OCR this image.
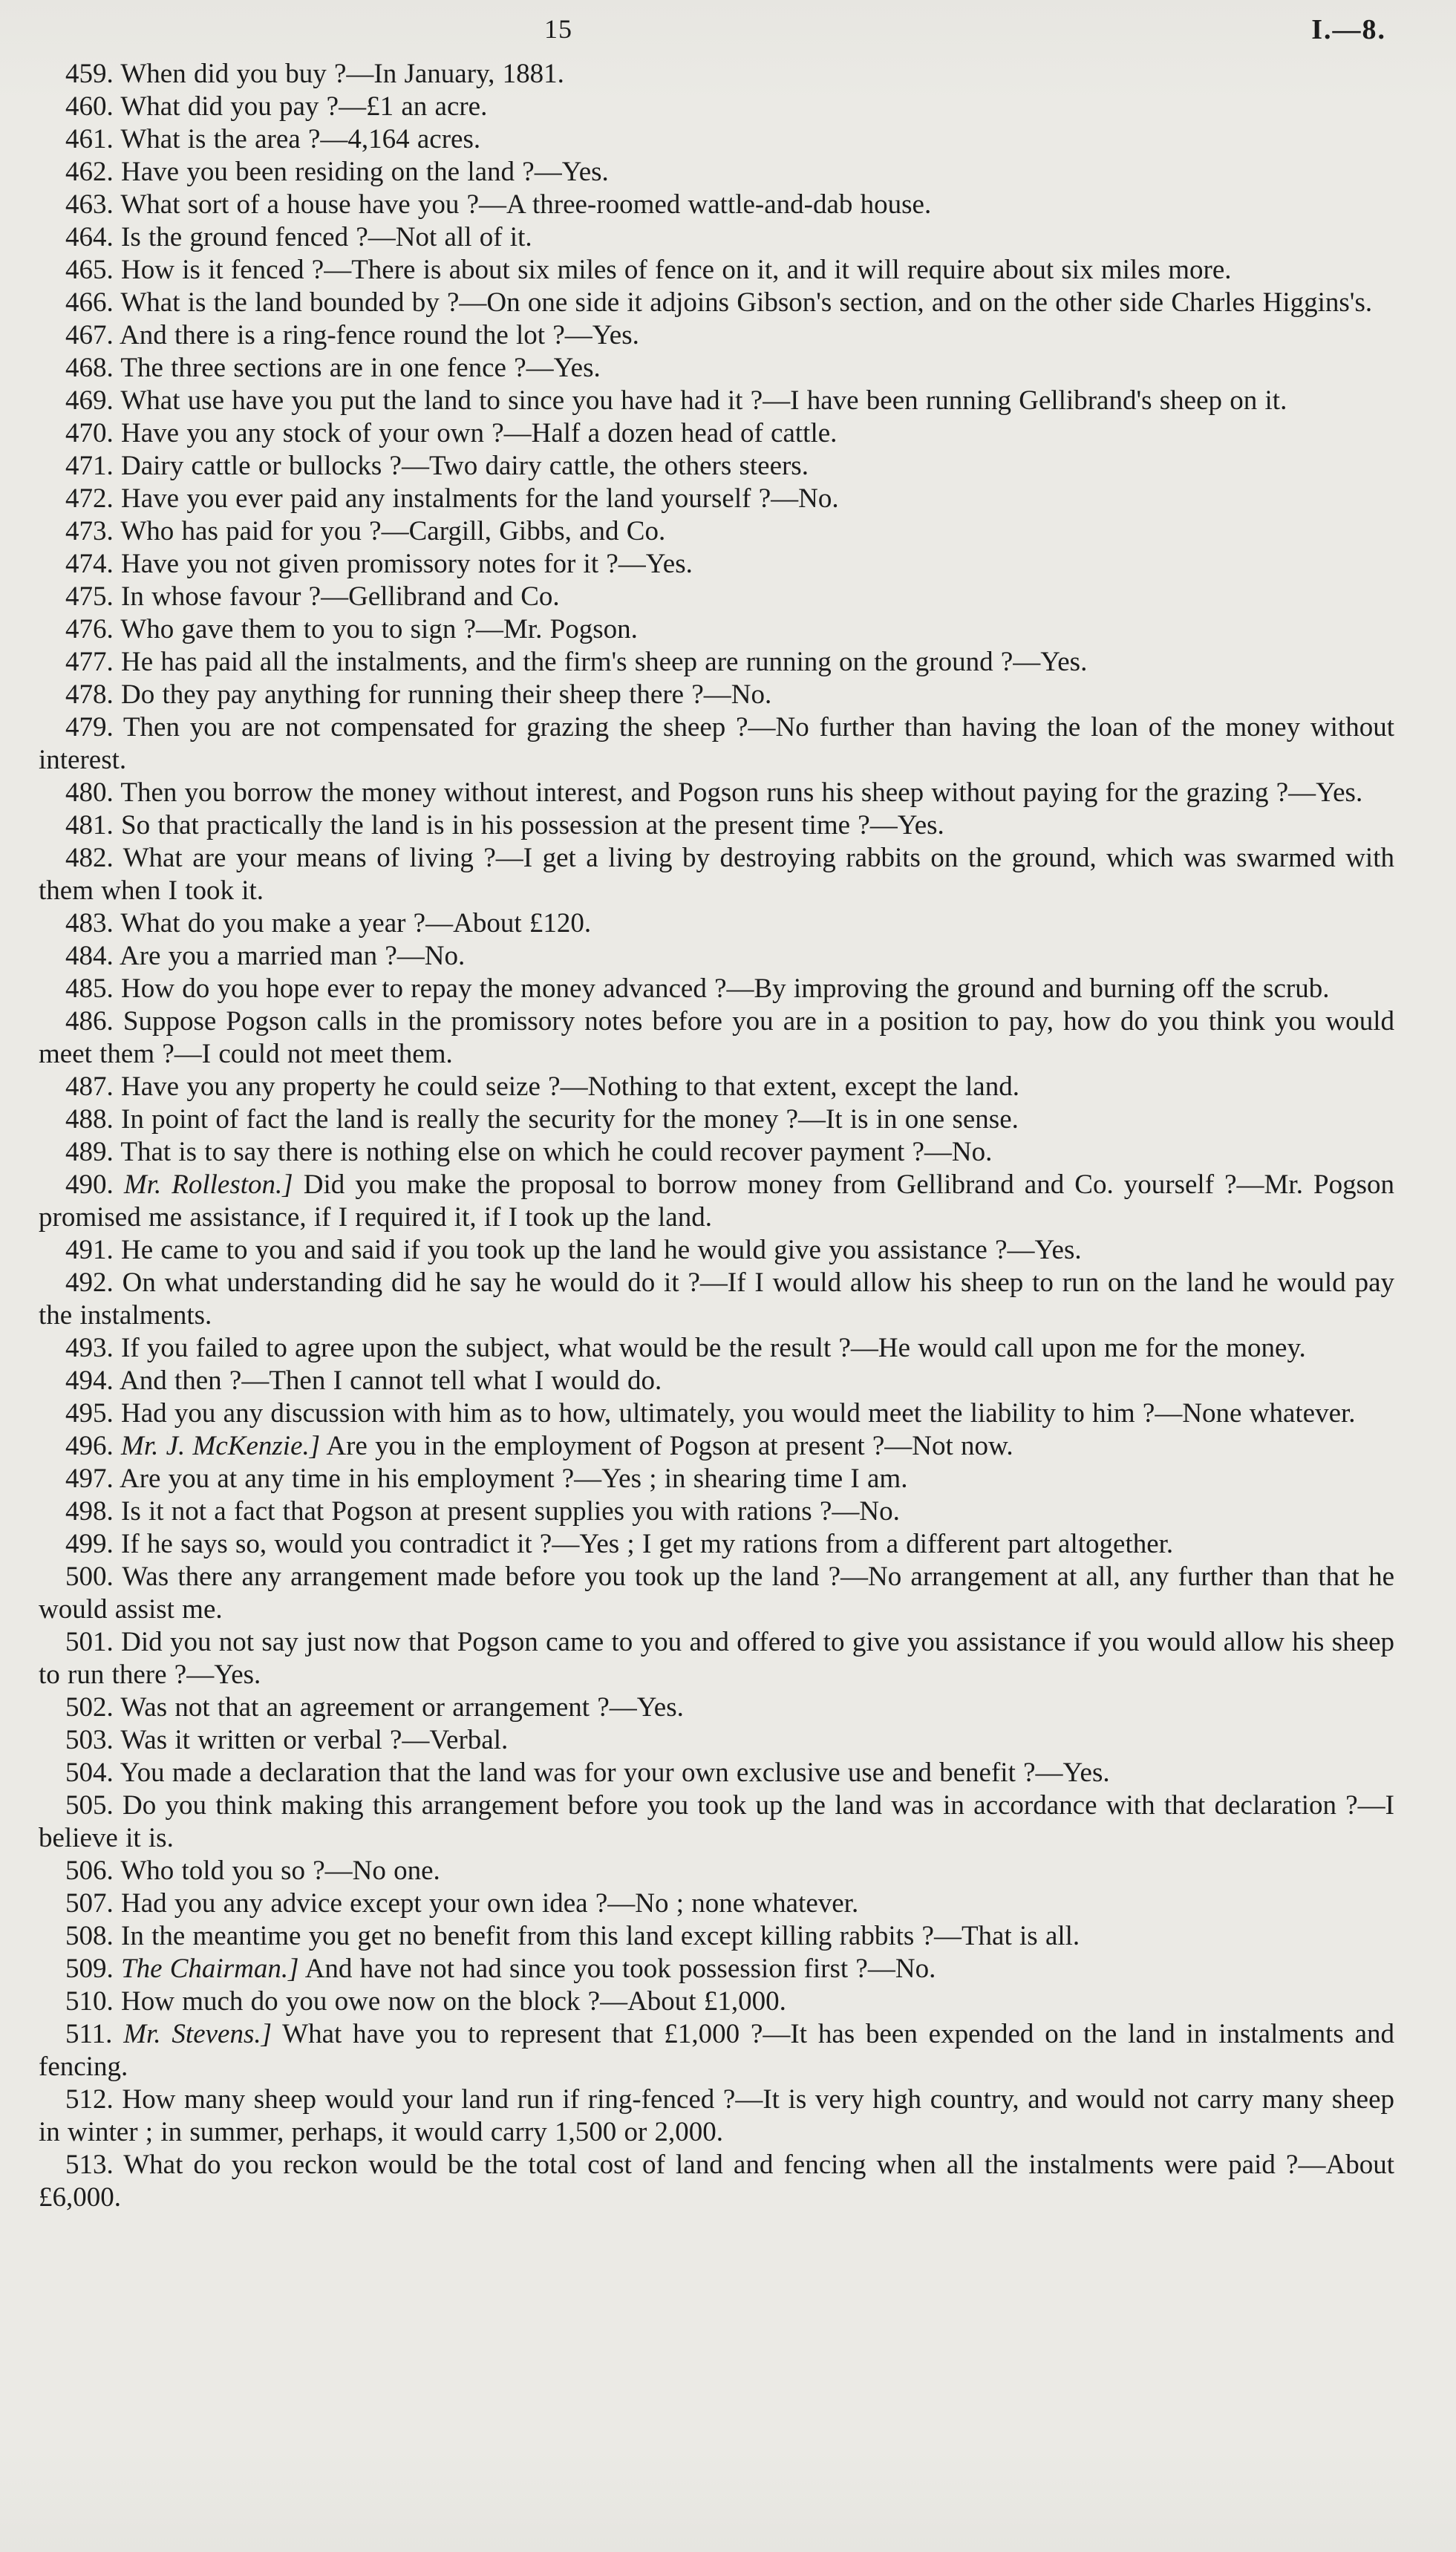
15	I.—8.

459. When did you buy ?—In January, 1881.

460. What did you pay ?—£1 an acre.

461. What is the area ?—4,164 acres.

462. Have you been residing on the land ?—Yes.

463. What sort of a house have you ?—A three-roomed wattle-and-dab house.

464. Is the ground fenced ?—Not all of it.

465. How is it fenced ?—There is about six miles of fence on it, and it will require about six miles more.

466. What is the land bounded by ?—On one side it adjoins Gibson's section, and on the other side Charles Higgins's.

467. And there is a ring-fence round the lot ?—Yes.

468. The three sections are in one fence ?—Yes.

469. What use have you put the land to since you have had it ?—I have been running Gellibrand's sheep on it.

470. Have you any stock of your own ?—Half a dozen head of cattle.

471. Dairy cattle or bullocks ?—Two dairy cattle, the others steers.

472. Have you ever paid any instalments for the land yourself ?—No.

473. Who has paid for you ?—Cargill, Gibbs, and Co.

474. Have you not given promissory notes for it ?—Yes.

475. In whose favour ?—Gellibrand and Co.

476. Who gave them to you to sign ?—Mr. Pogson.

477. He has paid all the instalments, and the firm's sheep are running on the ground ?—Yes.

478. Do they pay anything for running their sheep there ?—No.

479. Then you are not compensated for grazing the sheep ?—No further than having the loan of the money without interest.

480. Then you borrow the money without interest, and Pogson runs his sheep without paying for the grazing ?—Yes.

481. So that practically the land is in his possession at the present time ?—Yes.

482. What are your means of living ?—I get a living by destroying rabbits on the ground, which was swarmed with them when I took it.

483. What do you make a year ?—About £120.

484. Are you a married man ?—No.

485. How do you hope ever to repay the money advanced ?—By improving the ground and burning off the scrub.

486. Suppose Pogson calls in the promissory notes before you are in a position to pay, how do you think you would meet them ?—I could not meet them.

487. Have you any property he could seize ?—Nothing to that extent, except the land.

488. In point of fact the land is really the security for the money ?—It is in one sense.

489. That is to say there is nothing else on which he could recover payment ?—No.

490. Mr. Rolleston.] Did you make the proposal to borrow money from Gellibrand and Co. yourself ?—Mr. Pogson promised me assistance, if I required it, if I took up the land.

491. He came to you and said if you took up the land he would give you assistance ?—Yes.

492. On what understanding did he say he would do it ?—If I would allow his sheep to run on the land he would pay the instalments.

493. If you failed to agree upon the subject, what would be the result ?—He would call upon me for the money.

494. And then ?—Then I cannot tell what I would do.

495. Had you any discussion with him as to how, ultimately, you would meet the liability to him ?—None whatever.

496. Mr. J. McKenzie.] Are you in the employment of Pogson at present ?—Not now.

497. Are you at any time in his employment ?—Yes ; in shearing time I am.

498. Is it not a fact that Pogson at present supplies you with rations ?—No.

499. If he says so, would you contradict it ?—Yes ; I get my rations from a different part altogether.

500. Was there any arrangement made before you took up the land ?—No arrangement at all, any further than that he would assist me.

501. Did you not say just now that Pogson came to you and offered to give you assistance if you would allow his sheep to run there ?—Yes.

502. Was not that an agreement or arrangement ?—Yes.

503. Was it written or verbal ?—Verbal.

504. You made a declaration that the land was for your own exclusive use and benefit ?—Yes.

505. Do you think making this arrangement before you took up the land was in accordance with that declaration ?—I believe it is.

506. Who told you so ?—No one.

507. Had you any advice except your own idea ?—No ; none whatever.

508. In the meantime you get no benefit from this land except killing rabbits ?—That is all.

509. The Chairman.] And have not had since you took possession first ?—No.

510. How much do you owe now on the block ?—About £1,000.

511. Mr. Stevens.] What have you to represent that £1,000 ?—It has been expended on the land in instalments and fencing.

512. How many sheep would your land run if ring-fenced ?—It is very high country, and would not carry many sheep in winter ; in summer, perhaps, it would carry 1,500 or 2,000.

513. What do you reckon would be the total cost of land and fencing when all the instalments were paid ?—About £6,000.
